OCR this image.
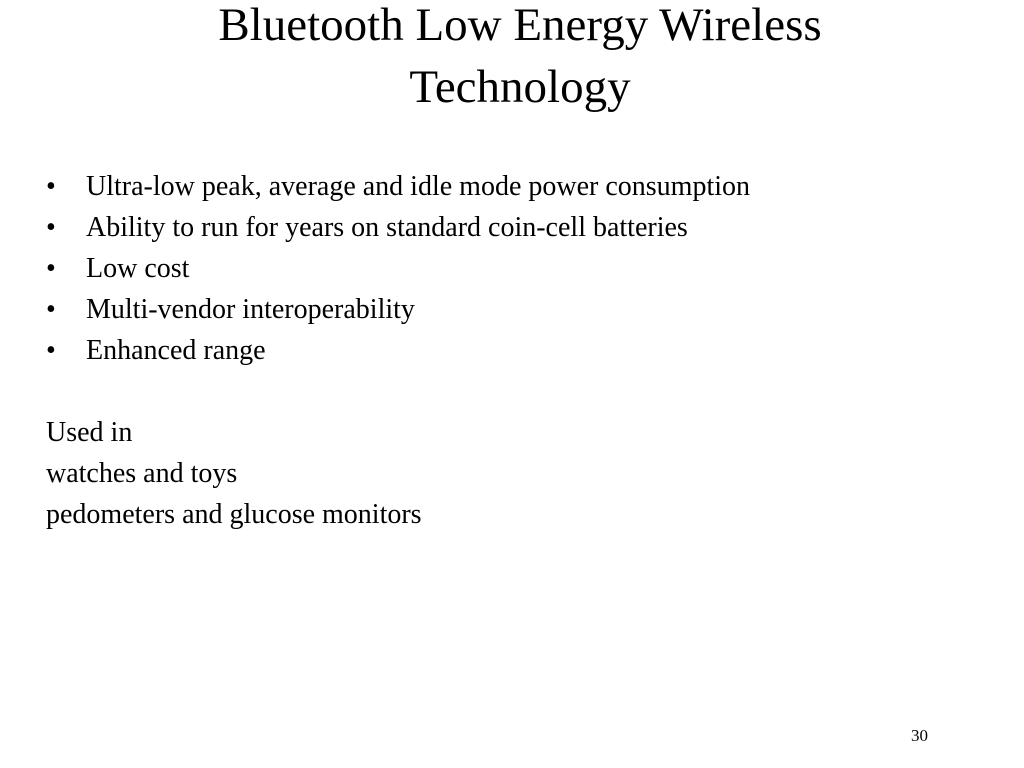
Bluetooth Low Energy Wireless
Technology
• Ultra-low peak, average and idle mode power consumption
• Ability to run for years on standard coin-cell batteries
• Low cost
• Multi-vendor interoperability
• Enhanced range
Used in
watches and toys
pedometers and glucose monitors
30
